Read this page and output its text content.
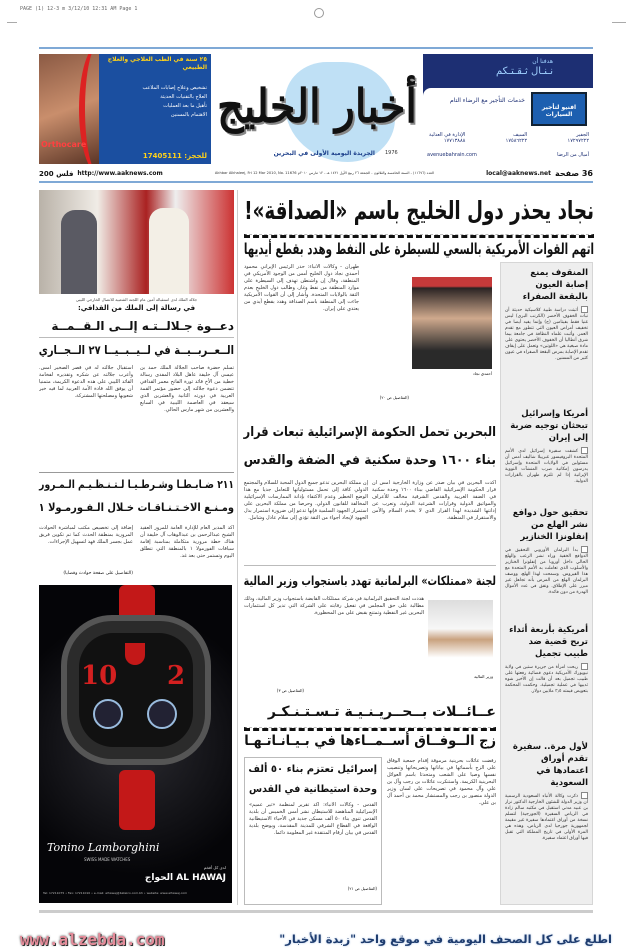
PAGE (1) 12-3 m 3/12/10 12:31 AM Page 1
٢٥ سنة في الطب العلاجي والعلاج الطبيعي
تشخيص وعلاج إصابات الملاعب
العلاج بالتقنيات الحديثة
تأهيل ما بعد العمليات
الاهتمام بالمسنين
Orthocare
للحجز: 17405111
أخبار الخليج
الجريدة اليومية الأولى في البحرين 1976
هدفنا أن
نـنـال ثـقـتـكم
افنيو لتأجير السيارات
خدمات التأجير مع الرضاء التام
الجفير
١٧٢٩٧٢٢٢
السيف
١٧٥٨٦٢٢٢
الإدارة في العدلية
١٧٧١٣٨٨٨
avenuebahrain.com	أميال من الرضا
200 فلس http://www.aaknews.com	Akhbar Alkhaleej, Fri 12 Mar 2010, No. 11676 العدد (١١٦٧٦) - السنة الخامسة والثلاثون - الجمعة ٢٦ ربيع الأول ١٤٣١ هـ - ١٢ مارس ٢٠١٠م	local@aaknews.net 36 صفحة
جلالة الملك لدى استقباله أمين عام اللجنة الشعبية للاتصال الخارجي الليبي
في رسالة إلى الملك من القذافي:
دعــوة جـلالــتـه إلــى الـقــمــة
الــعــربــيــة في لــيــبــيــا ٢٧ الــجــاري
تسلم حضرة صاحب الجلالة الملك حمد بن عيسى آل خليفة عاهل البلاد المفدى رسالة خطية من الأخ قائد ثورة الفاتح معمر القذافي تتضمن دعوة جلالته إلى حضور مؤتمر القمة العربية في دورته الثانية والعشرين الذي سيعقد في العاصمة الليبية في السابع والعشرين من شهر مارس الحالي.
استقبال جلالته له في قصر الصخير أمس. وأعرب جلالته عن شكره وتقديره لفخامة القائد الليبي على هذه الدعوة الكريمة، متمنيا أن يوفق الله قادة الأمة العربية لما فيه خير شعوبها ومصلحتها المشتركة.
٢١١ ضـابـطـا وشـرطـيـا لـتـنـظـيـم الـمـرور
ومـنـع الاخـتـنـاقـات خـلال الـفـورمـولا ١
أكد المدير العام للإدارة العامة للمرور العقيد الشيخ عبدالرحمن بن عبدالوهاب آل خليفة أن هناك خطة مرورية متكاملة بمناسبة إقامة سباقات الفورمولا ١ بالمنطقة التي تنطلق اليوم وتستمر حتى بعد غد.
إضافة إلى تخصيص مكتب لمباشرة الحوادث المرورية بمنطقة الحدث كما تم تكوين فريق عمل بجسر الملك فهد لتسهيل الإجراءات.
(التفاصيل على صفحة حوادث وقضايا)
10 2
Tonino Lamborghini
SWISS MADE WATCHES
لدى كل أفخم
AL HAWAJ الحواج
Tel: 17211075 • Fax: 17211010 • e-mail: alhawaj@batelco.com.bh • website: www.alhawaj.com
نجاد يحذر دول الخليج باسم «الصداقة»!
اتهم القوات الأمريكية بالسعي للسيطرة على النفط وهدد بقطع أيديها
طهران - وكالات الأنباء: حذر الرئيس الإيراني محمود أحمدي نجاد دول الخليج أمس من الوجود الأمريكي في المنطقة، وقال إن واشنطن تهدف إلى السيطرة على موارد المنطقة من نفط وغاز، وطالب دول الخليج بعدم الثقة بالولايات المتحدة. وأشار إلى أن القوات الأمريكية جاءت إلى المنطقة باسم الصداقة وهدد بقطع أيدي من يعتدي على إيران.
أحمدي نجاد
(التفاصيل ص ٢٠)
البحرين تحمل الحكومة الإسرائيلية تبعات قرار
بناء ١٦٠٠ وحدة سكنية في الضفة والقدس
أكدت البحرين في بيان صدر عن وزارة الخارجية أمس أن قرار الحكومة الإسرائيلية القاضي ببناء ١٦٠٠ وحدة سكنية في الضفة الغربية والقدس الشرقية مخالف للأعراف والمواثيق الدولية وقرارات الشرعية الدولية، وتعرب عن إدانتها الشديدة لهذا القرار الذي لا يخدم السلام والأمن والاستقرار في المنطقة.
إن مملكة البحرين تدعو جميع الدول المحبة للسلام والمجتمع الدولي كافة إلى تحمل مسئولياتها للتعامل جديا مع هذا الوضع الخطير وعدم الاكتفاء بإدانة الممارسات الإسرائيلية المخالفة للقانون الدولي. وحرصا من مملكة البحرين على استمرار الجهود السلمية فإنها تدعو إلى ضرورة استمرار بذل الجهود لإيجاد أجواء من الثقة تؤدي إلى سلام عادل وشامل.
لجنة «ممتلكات» البرلمانية تهدد باستجواب وزير المالية
هددت لجنة التحقيق البرلمانية في شركة ممتلكات القابضة باستجواب وزير المالية، وذلك مطالبة على حق المجلس في تفعيل رقابته على الشركة التي تدير كل استثمارات البحرين غير النفطية وتمتنع بقبض على من المحظورة.
وزير المالية
(التفاصيل ص ٣)
عــائــلات بــحــريـنـيـة تـسـتـنـكـر
زج الــوفــاق أســمــاءها في بـيـانـاتـهـا
رفضت عائلات بحرينية مرموقة إقدام جمعية الوفاق على الزج بأسمائها في بياناتها وتصريحاتها وتنصيب نفسها وصيا على الشعب ومتحدثا باسم العوائل البحرينية الكريمة. واستنكرت عائلات بن رجب وآل بن علي وآل محمود في تصريحات على لسان وزير الدولة منصور بن رجب والمستشار محمد بن أحمد آل بن علي.
إسرائيل تعتزم بناء ٥٠ ألف
وحدة استيطانية في القدس
القدس - وكالات الأنباء: أكد تقرير لمنظمة «تير عميم» الإسرائيلية المناهضة للاستيطان نشر أمس الخميس أن بلدية القدس تنوي بناء ٥٠ ألف مسكن جديد في الأحياء الاستيطانية الواقعة في القطاع الشرقي للمدينة المقدسة، ويوضح بلدية القدس في بيان أرقام المنتقدة غير المعلومة دائما.
(التفاصيل ص ٢١)
المنقوف يمنع إصابة العيون بالبقعة الصفراء
أثبتت دراسة طبية كلاسيكية حديثة أن نبات الخفوف الأخضر (الكرنب البري) ليس غنيا فقط بفيتامين (ج) وإنما يفيد أيضا في تخفيف أمراض العيون التي تتطور مع تقدم العمر. وأثبت علماء النظافة في جامعة بيما شرق أنطاليا أن الخفوف الأخضر يحتوي على مادة صبغية هي «اللوتين» وتعمل على إيقاف تقدم الإصابة بمرض البقعة الصفراء في عيون كثير من المسنين.
أمريكا وإسرائيل تبحثان توجيه ضربة إلى إيران
كشفت سفيرة إسرائيل لدى الأمم المتحدة البروفيسور غبرييلا شاليف أمس أن مسئولين في الولايات المتحدة وإسرائيل يدرسون إمكانية ضرب المنشآت النووية الإيرانية إذا لم تلتزم طهران بالقرارات الدولية.
تحقيق حول دوافع نشر الهلع من إنفلونزا الخنازير
بدأ البرلمان الأوروبي التحقيق في الدوافع الخفية وراء نشر الرعب والهلع الحالي داخل أوروبا من إنفلونزا الخنازير والأسلوب الذي تعاملت به الأمم المتحدة مع هذا الفيروس. وسمحت لهذا الهلع، ووصف البرلمان الهلع من المرض بأنه تجاهل غير مبرر على الإطلاق. ونفق في عدد الأموال الهدرة من دون فائدة.
أمريكية بأربعة أثداء تربح قضية ضد طبيب تجميل
ربحت امرأة من جزيرة ستين في ولاية نيويورك الأمريكية دعوى قضائية رفعتها على طبيب تجميل بعد أن قالت إن الأخير شوه ثدييها في عملية تجميلية. وحكمت المحكمة بتعويض قيمته ٣٫٥ ملايين دولار.
لأول مرة.. سفيرة تقدم أوراق اعتمادها في السعودية
ذكرت وكالة الأنباء السعودية الرسمية أن وزير الدولة للشئون الخارجية الدكتور نزار بن عبيد مدني استقبل في مكتبه سالم زادة في الرياض السفيرة (الجورجية) لتسلم نسخة من أوراق اعتمادها سفيرة غير مقيمة لجمهورية جورجيا لدى الرياض، وهذه هي المرة الأولى في تاريخ المملكة التي تقبل فيها أوراق اعتماد سفيرة.
www.alzebda.com	اطلع على كل الصحف اليومية في موقع واحد "زبدة الأخبار"
